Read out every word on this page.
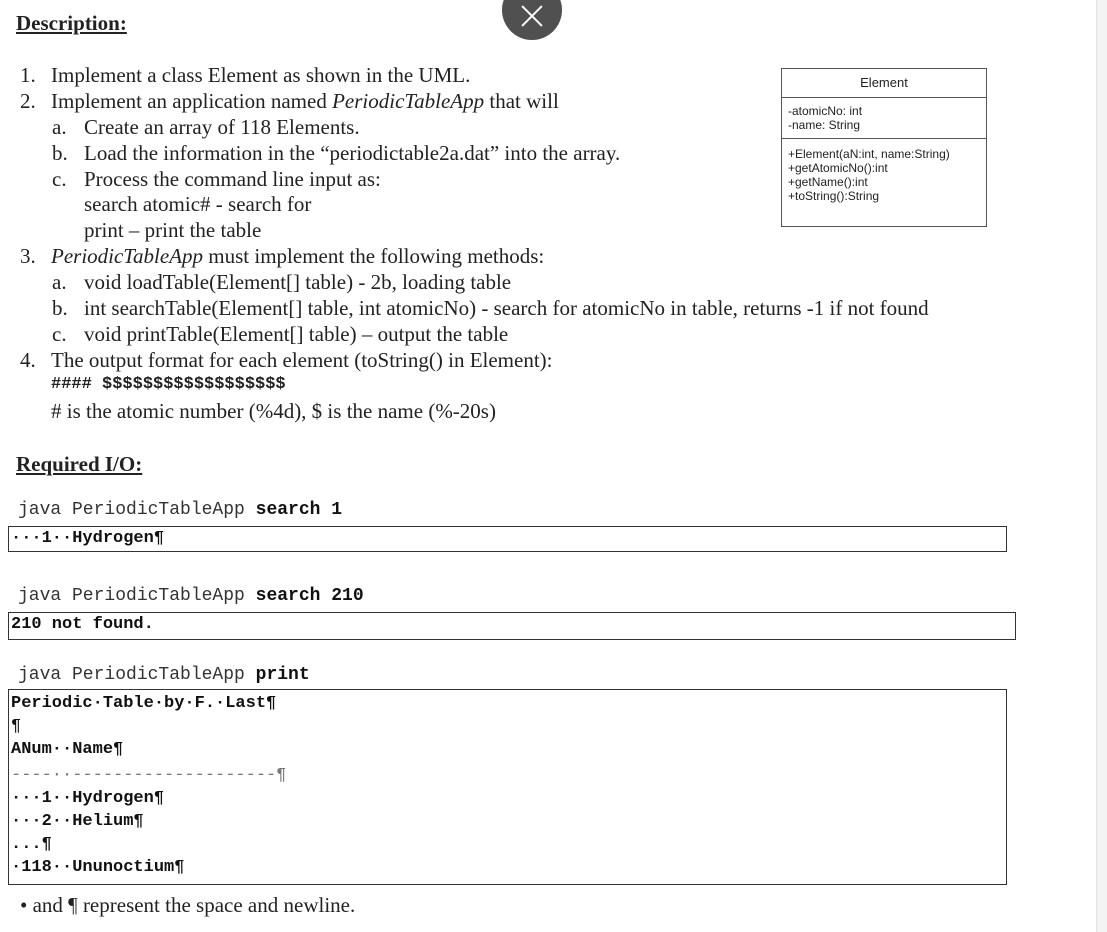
Description:
1. Implement a class Element as shown in the UML.
2. Implement an application named PeriodicTableApp that will
a. Create an array of 118 Elements.
b. Load the information in the “periodictable2a.dat” into the array.
c. Process the command line input as:
search atomic# - search for
print – print the table
3. PeriodicTableApp must implement the following methods:
a. void loadTable(Element[] table) - 2b, loading table
b. int searchTable(Element[] table, int atomicNo) - search for atomicNo in table, returns -1 if not found
c. void printTable(Element[] table) – output the table
4. The output format for each element (toString() in Element):
#### $$$$$$$$$$$$$$$$$$
# is the atomic number (%4d), $ is the name (%-20s)
Element
-atomicNo: int
-name: String
+Element(aN:int, name:String)
+getAtomicNo():int
+getName():int
+toString():String
Required I/O:
java PeriodicTableApp search 1
···1··Hydrogen¶
java PeriodicTableApp search 210
210 not found.
java PeriodicTableApp print
Periodic·Table·by·F.·Last¶
¶
ANum··Name¶
----··--------------------¶
···1··Hydrogen¶
···2··Helium¶
...¶
·118··Ununoctium¶
• and ¶ represent the space and newline.
